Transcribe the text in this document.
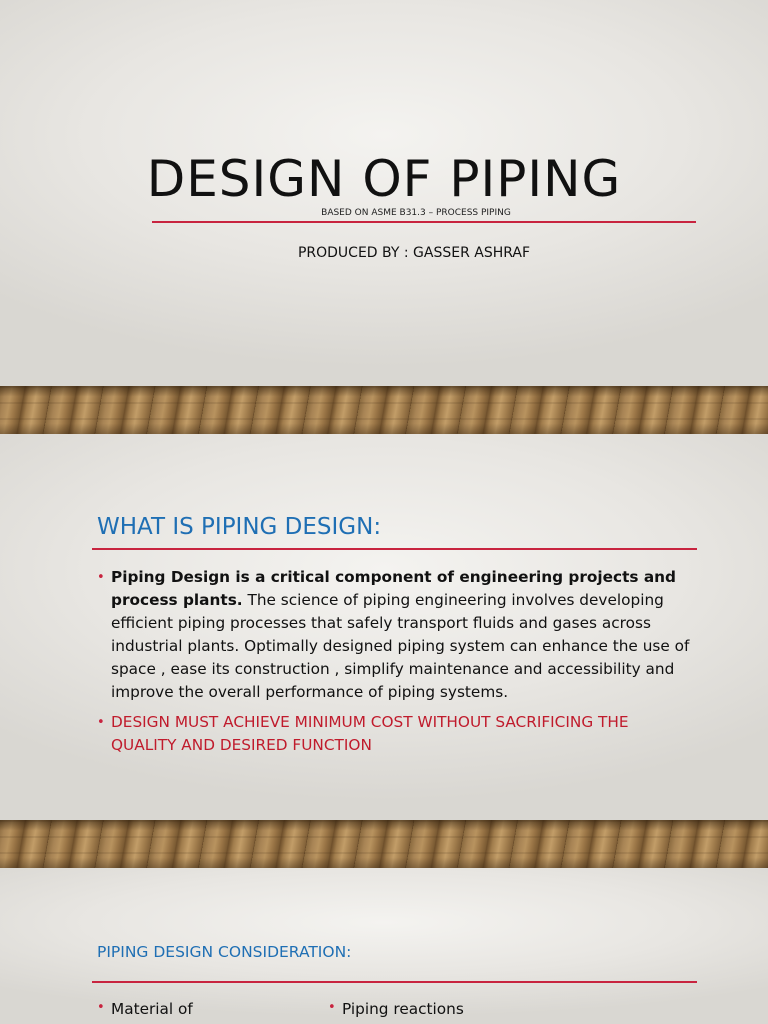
DESIGN OF PIPING
BASED ON ASME B31.3 – PROCESS PIPING
PRODUCED BY : GASSER ASHRAF
WHAT IS PIPING DESIGN:
• Piping Design is a critical component of engineering projects and process plants. The science of piping engineering involves developing efficient piping processes that safely transport fluids and gases across industrial plants. Optimally designed piping system can enhance the use of space , ease its construction , simplify maintenance and accessibility and improve the overall performance of piping systems.
• DESIGN MUST ACHIEVE MINIMUM COST WITHOUT SACRIFICING THE QUALITY AND DESIRED FUNCTION
PIPING DESIGN CONSIDERATION:
• Material of	• Piping reactions
